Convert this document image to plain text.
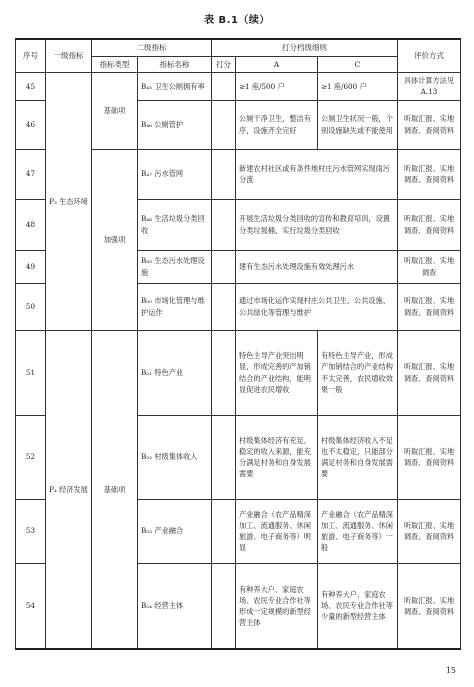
表 B.1（续）
序号	一级指标	二级指标		打分档级细则			评价方式
		指标类型	指标名称	打分	A	C	
45	P₃ 生态环境	基础项	B₄₅ 卫生公厕拥有率		≥1 座/500 户	≥1 座/600 户	具体计算方法见 A.13
46			B₄₆ 公厕管护		公厕干净卫生，整洁有序，设施齐全完好	公厕卫生状况一般，个别设施缺失或不能使用	听取汇报、实地调查、查阅资料
47		加强项	B₄₇ 污水管网		新建农村社区或有条件地村庄污水管网实现雨污分流		听取汇报、实地调查、查阅资料
48			B₄₈ 生活垃圾分类回收		开展生活垃圾分类回收的宣传和教育培训，设置分类垃圾桶，实行垃圾分类回收		听取汇报、实地调查、查阅资料
49			B₄₉ 生态污水处理设施		建有生态污水处理设施有效处理污水		听取汇报、实地调查
50			B₅₀ 市场化管理与维护运作		通过市场化运作实现村庄公共卫生、公共设施、公共绿化等管理与维护		听取汇报、实地调查、查阅资料
51	P₄ 经济发展	基础项	B₅₁ 特色产业		特色主导产业突出明显，形成完善的产加销结合的产业结构，能明显促进农民增收	有特色主导产业，形成产加销结合的产业结构不太完善，农民增收效果一般	听取汇报、实地调查、查阅资料
52			B₅₂ 村级集体收入		村级集体经济有充足、稳定的收入来源，能充分满足村务和自身发展需要	村级集体经济收入不足也不太稳定，只能部分满足村务和自身发展需要	听取汇报、实地调查、查阅资料
53			B₅₃ 产业融合		产业融合（农产品精深加工、流通服务、休闲旅游、电子商务等）明显	产业融合（农产品精深加工、流通服务、休闲旅游、电子商务等）一般	听取汇报、实地调查、查阅资料
54			B₅₄ 经营主体		有种养大户、家庭农场、农民专业合作社等形成一定规模的新型经营主体	有种养大户、家庭农场、农民专业合作社等少量的新型经营主体	听取汇报、实地调查、查阅资料
15
